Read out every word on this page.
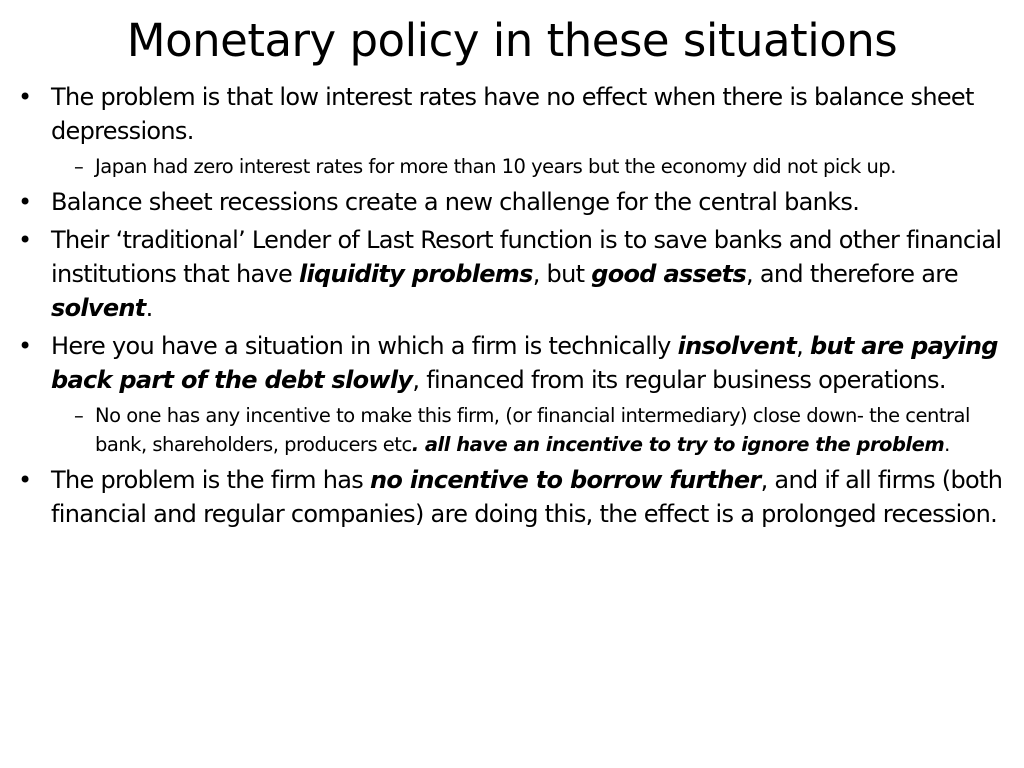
Monetary policy in these situations
• The problem is that low interest rates have no effect when there is balance sheet depressions.
– Japan had zero interest rates for more than 10 years but the economy did not pick up.
• Balance sheet recessions create a new challenge for the central banks.
• Their ‘traditional’ Lender of Last Resort function is to save banks and other financial institutions that have liquidity problems, but good assets, and therefore are solvent.
• Here you have a situation in which a firm is technically insolvent, but are paying back part of the debt slowly, financed from its regular business operations.
– No one has any incentive to make this firm, (or financial intermediary) close down- the central bank, shareholders, producers etc. all have an incentive to try to ignore the problem.
• The problem is the firm has no incentive to borrow further, and if all firms (both financial and regular companies) are doing this, the effect is a prolonged recession.
